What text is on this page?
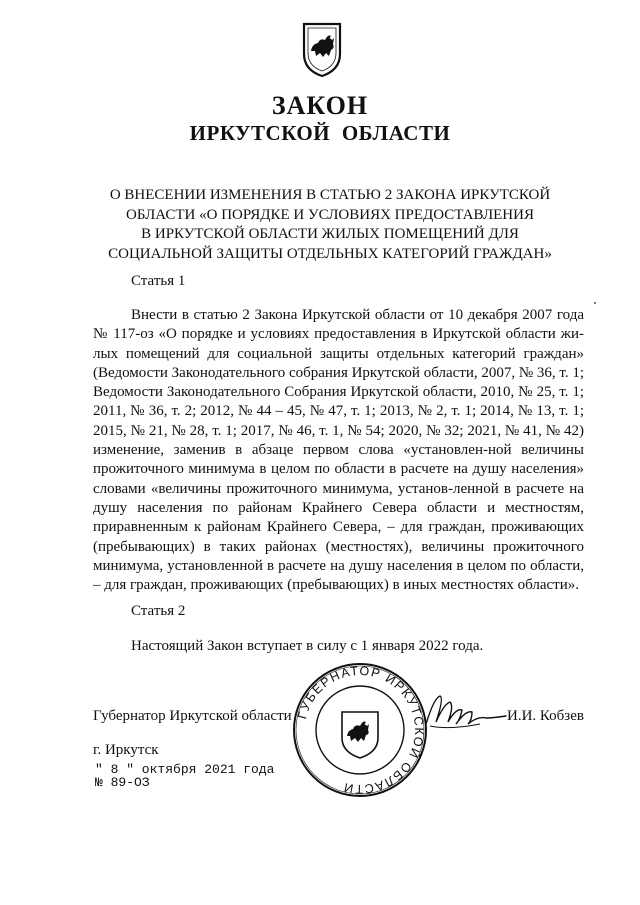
ЗАКОН
ИРКУТСКОЙ ОБЛАСТИ
О ВНЕСЕНИИ ИЗМЕНЕНИЯ В СТАТЬЮ 2 ЗАКОНА ИРКУТСКОЙ
ОБЛАСТИ «О ПОРЯДКЕ И УСЛОВИЯХ ПРЕДОСТАВЛЕНИЯ
В ИРКУТСКОЙ ОБЛАСТИ ЖИЛЫХ ПОМЕЩЕНИЙ ДЛЯ
СОЦИАЛЬНОЙ ЗАЩИТЫ ОТДЕЛЬНЫХ КАТЕГОРИЙ ГРАЖДАН»
Статья 1
Внести в статью 2 Закона Иркутской области от 10 декабря 2007 года № 117-оз «О порядке и условиях предоставления в Иркутской области жи-лых помещений для социальной защиты отдельных категорий граждан» (Ведомости Законодательного собрания Иркутской области, 2007, № 36, т. 1; Ведомости Законодательного Собрания Иркутской области, 2010, № 25, т. 1; 2011, № 36, т. 2; 2012, № 44 – 45, № 47, т. 1; 2013, № 2, т. 1; 2014, № 13, т. 1; 2015, № 21, № 28, т. 1; 2017, № 46, т. 1, № 54; 2020, № 32; 2021, № 41, № 42) изменение, заменив в абзаце первом слова «установлен-ной величины прожиточного минимума в целом по области в расчете на душу населения» словами «величины прожиточного минимума, установ-ленной в расчете на душу населения по районам Крайнего Севера области и местностям, приравненным к районам Крайнего Севера, – для граждан, проживающих (пребывающих) в таких районах (местностях), величины прожиточного минимума, установленной в расчете на душу населения в целом по области, – для граждан, проживающих (пребывающих) в иных местностях области».
Статья 2
Настоящий Закон вступает в силу с 1 января 2022 года.
ГУБЕРНАТОР ИРКУТСКОЙ ОБЛАСТИ
Губернатор Иркутской области	И.И. Кобзев
г. Иркутск
" 8 " октября 2021 года
№ 89-ОЗ
